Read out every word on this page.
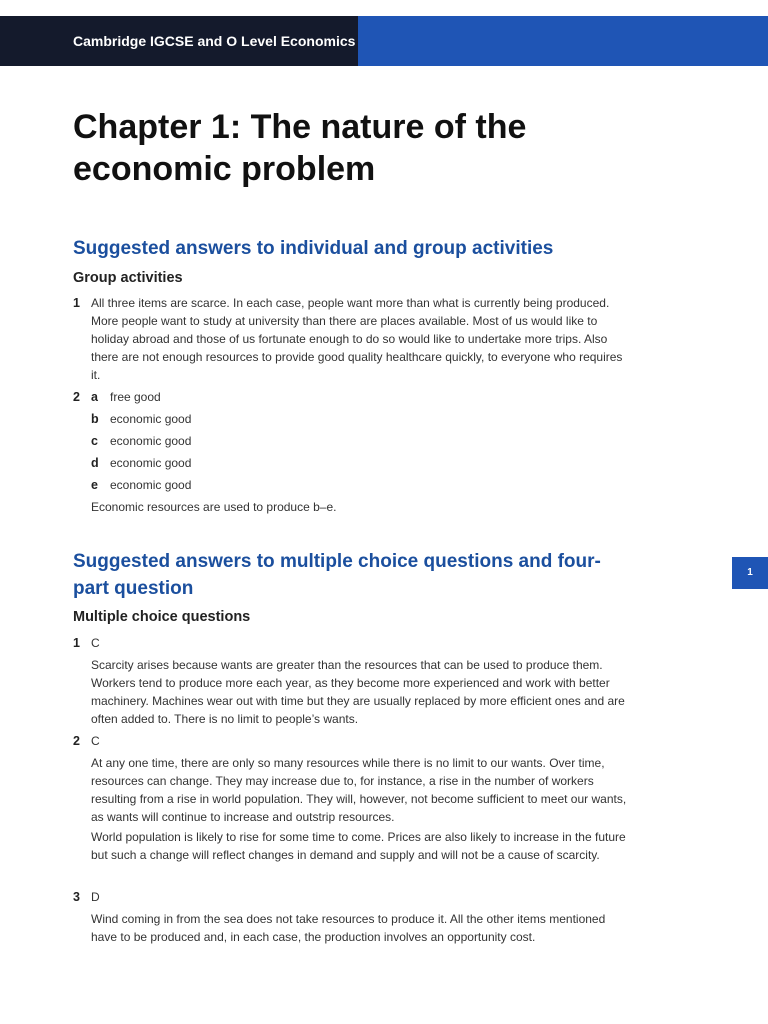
Cambridge IGCSE and O Level Economics
Chapter 1: The nature of the economic problem
Suggested answers to individual and group activities
Group activities
1 All three items are scarce. In each case, people want more than what is currently being produced. More people want to study at university than there are places available. Most of us would like to holiday abroad and those of us fortunate enough to do so would like to undertake more trips. Also there are not enough resources to provide good quality healthcare quickly, to everyone who requires it.

2 a free good
b economic good
c economic good
d economic good
e economic good

Economic resources are used to produce b–e.

Suggested answers to multiple choice questions and four-part question
Multiple choice questions
1 C

Scarcity arises because wants are greater than the resources that can be used to produce them. Workers tend to produce more each year, as they become more experienced and work with better machinery. Machines wear out with time but they are usually replaced by more efficient ones and are often added to. There is no limit to people’s wants.

2 C

At any one time, there are only so many resources while there is no limit to our wants. Over time, resources can change. They may increase due to, for instance, a rise in the number of workers resulting from a rise in world population. They will, however, not become sufficient to meet our wants, as wants will continue to increase and outstrip resources.

World population is likely to rise for some time to come. Prices are also likely to increase in the future but such a change will reflect changes in demand and supply and will not be a cause of scarcity.

3 D

Wind coming in from the sea does not take resources to produce it. All the other items mentioned have to be produced and, in each case, the production involves an opportunity cost.

1
